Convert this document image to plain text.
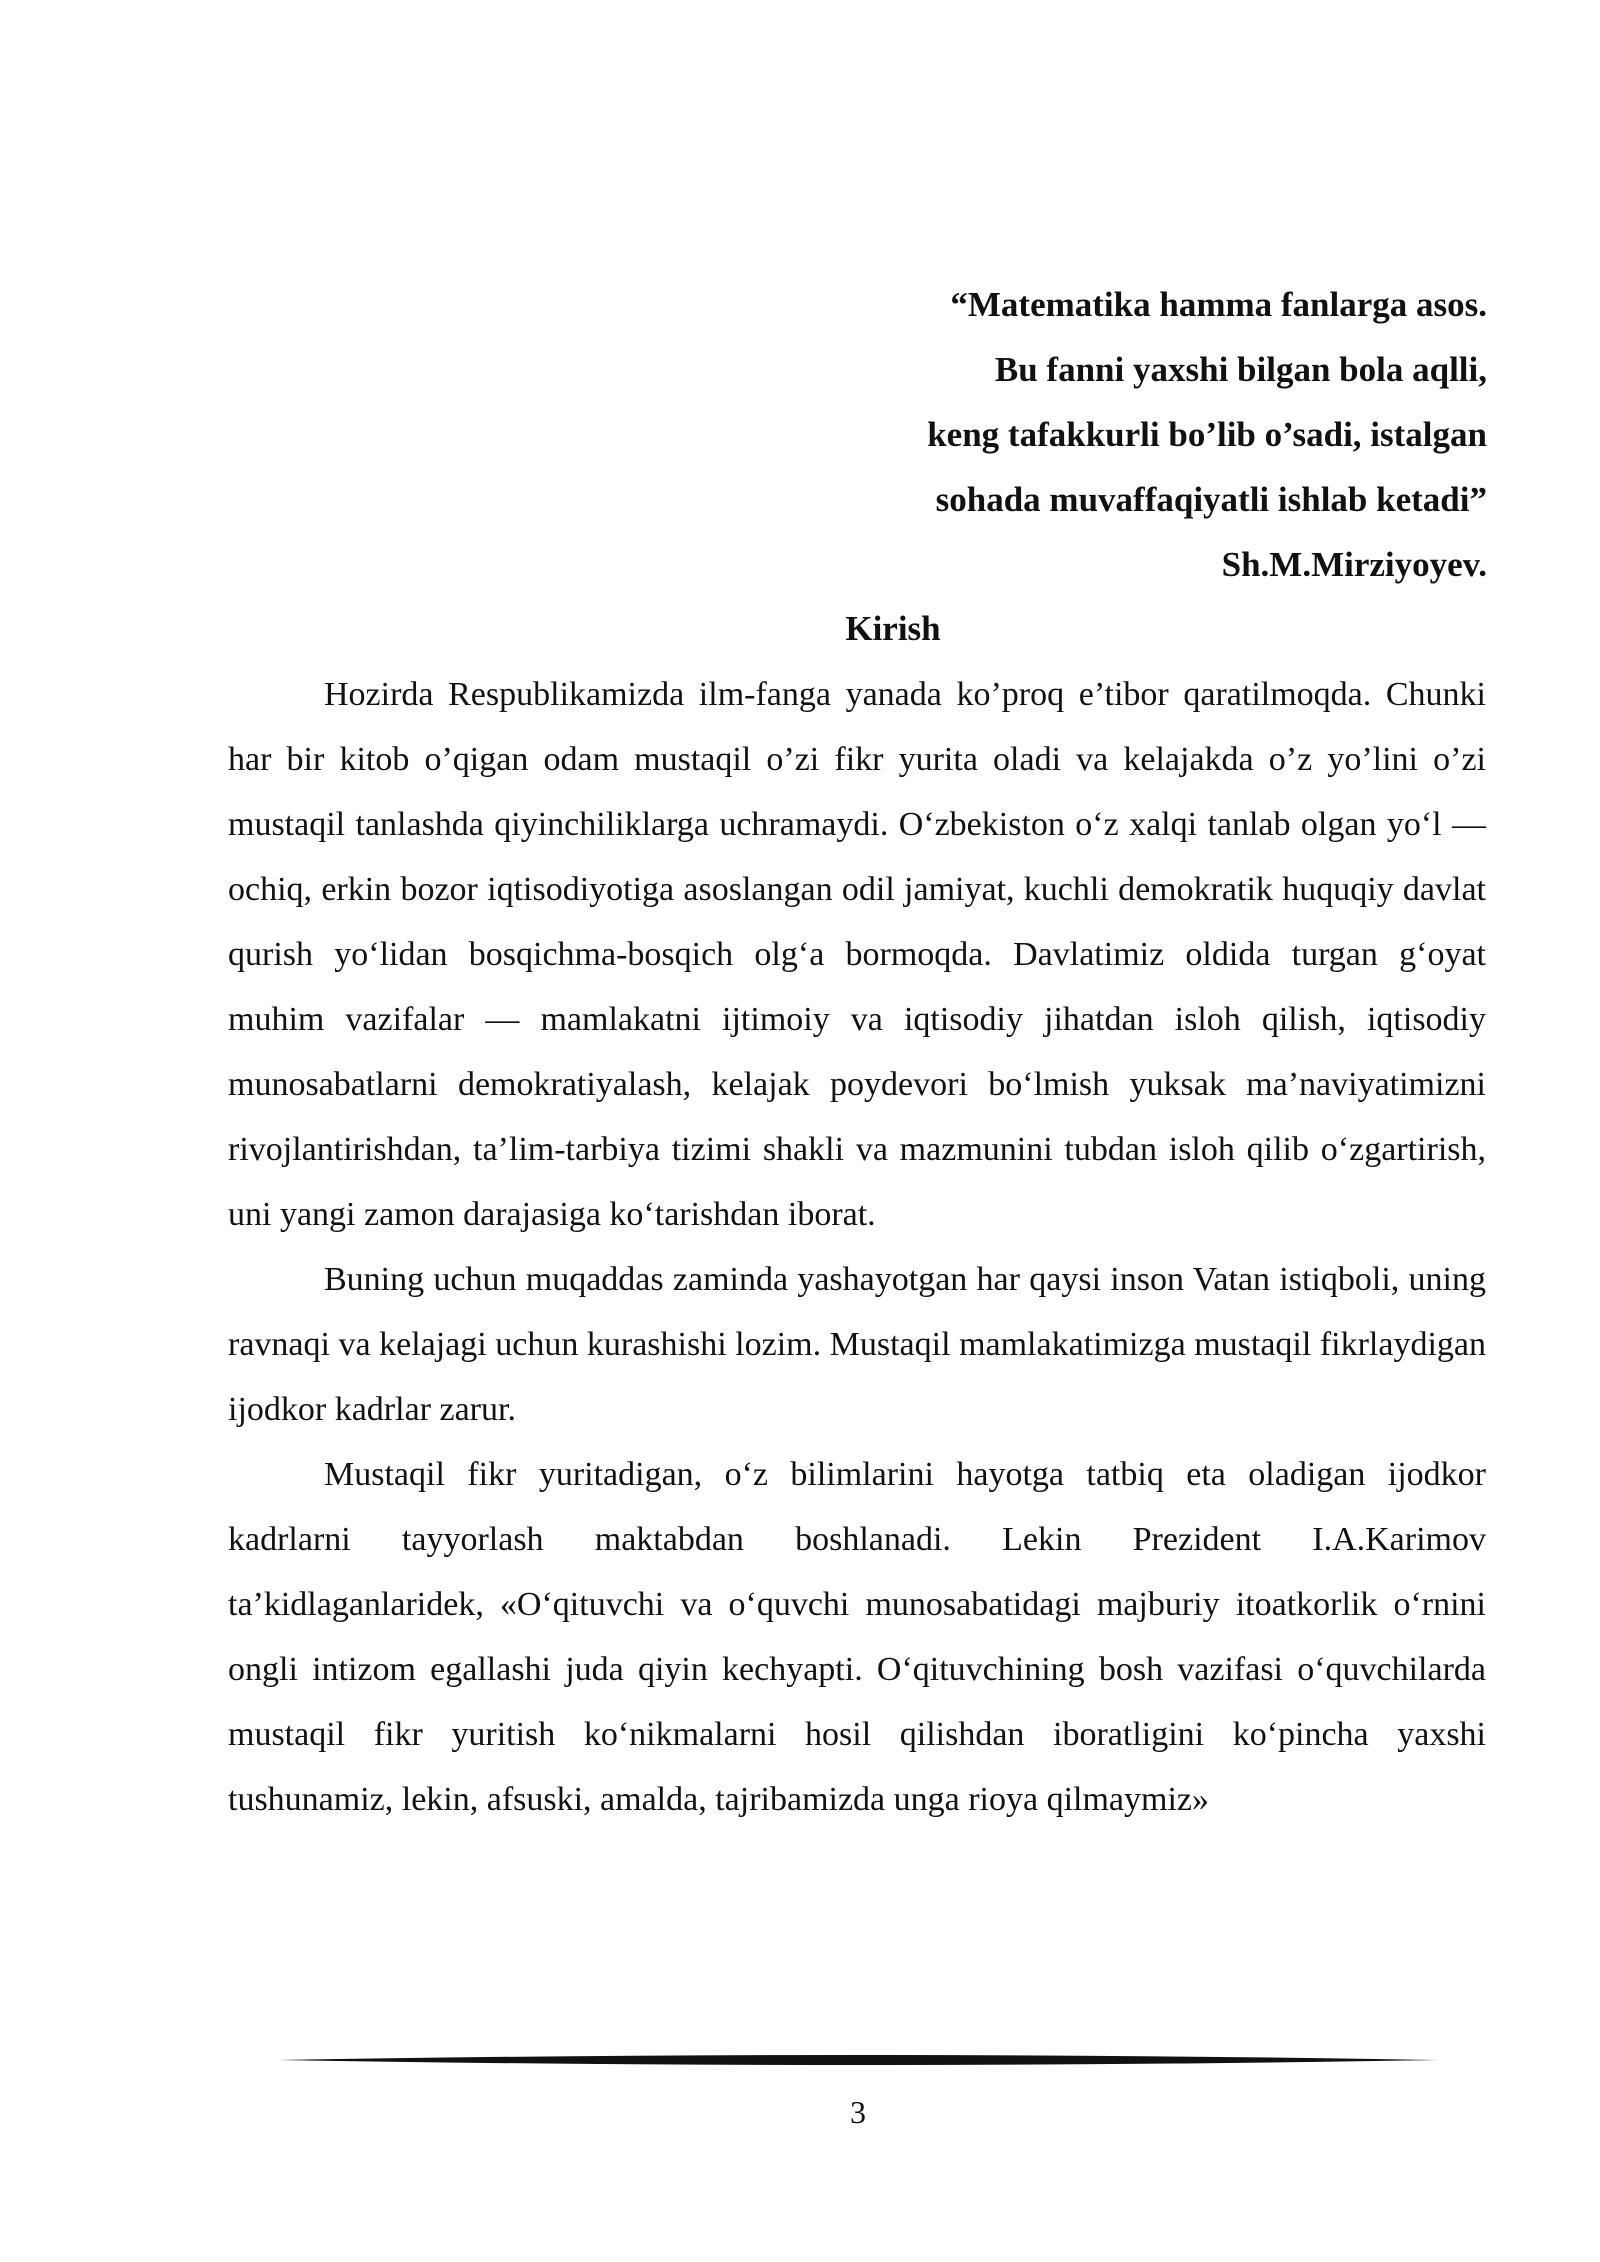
“Matematika hamma fanlarga asos.
Bu fanni yaxshi bilgan bola aqlli,
keng tafakkurli bo’lib o’sadi, istalgan
sohada muvaffaqiyatli ishlab ketadi”
Sh.M.Mirziyoyev.
Kirish

Hozirda Respublikamizda ilm-fanga yanada ko’proq e’tibor qaratilmoqda. Chunki har bir kitob o’qigan odam mustaqil o’zi fikr yurita oladi va kelajakda o’z yo’lini o’zi mustaqil tanlashda qiyinchiliklarga uchramaydi. O‘zbekiston o‘z xalqi tanlab olgan yo‘l — ochiq, erkin bozor iqtisodiyotiga asoslangan odil jamiyat, kuchli demokratik huquqiy davlat qurish yo‘lidan bosqichma-bosqich olg‘a bormoqda. Davlatimiz oldida turgan g‘oyat muhim vazifalar — mamlakatni ijtimoiy va iqtisodiy jihatdan isloh qilish, iqtisodiy munosabatlarni demokratiyalash, kelajak poydevori bo‘lmish yuksak ma’naviyatimizni rivojlantirishdan, ta’lim-tarbiya tizimi shakli va mazmunini tubdan isloh qilib o‘zgartirish, uni yangi zamon darajasiga ko‘tarishdan iborat.

Buning uchun muqaddas zaminda yashayotgan har qaysi inson Vatan istiqboli, uning ravnaqi va kelajagi uchun kurashishi lozim. Mustaqil mamlakatimizga mustaqil fikrlaydigan ijodkor kadrlar zarur.

Mustaqil fikr yuritadigan, o‘z bilimlarini hayotga tatbiq eta oladigan ijodkor kadrlarni tayyorlash maktabdan boshlanadi. Lekin Prezident I.A.Karimov ta’kidlaganlaridek, «O‘qituvchi va o‘quvchi munosabatidagi majburiy itoatkorlik o‘rnini ongli intizom egallashi juda qiyin kechyapti. O‘qituvchining bosh vazifasi o‘quvchilarda mustaqil fikr yuritish ko‘nikmalarni hosil qilishdan iboratligini ko‘pincha yaxshi tushunamiz, lekin, afsuski, amalda, tajribamizda unga rioya qilmaymiz»

3
